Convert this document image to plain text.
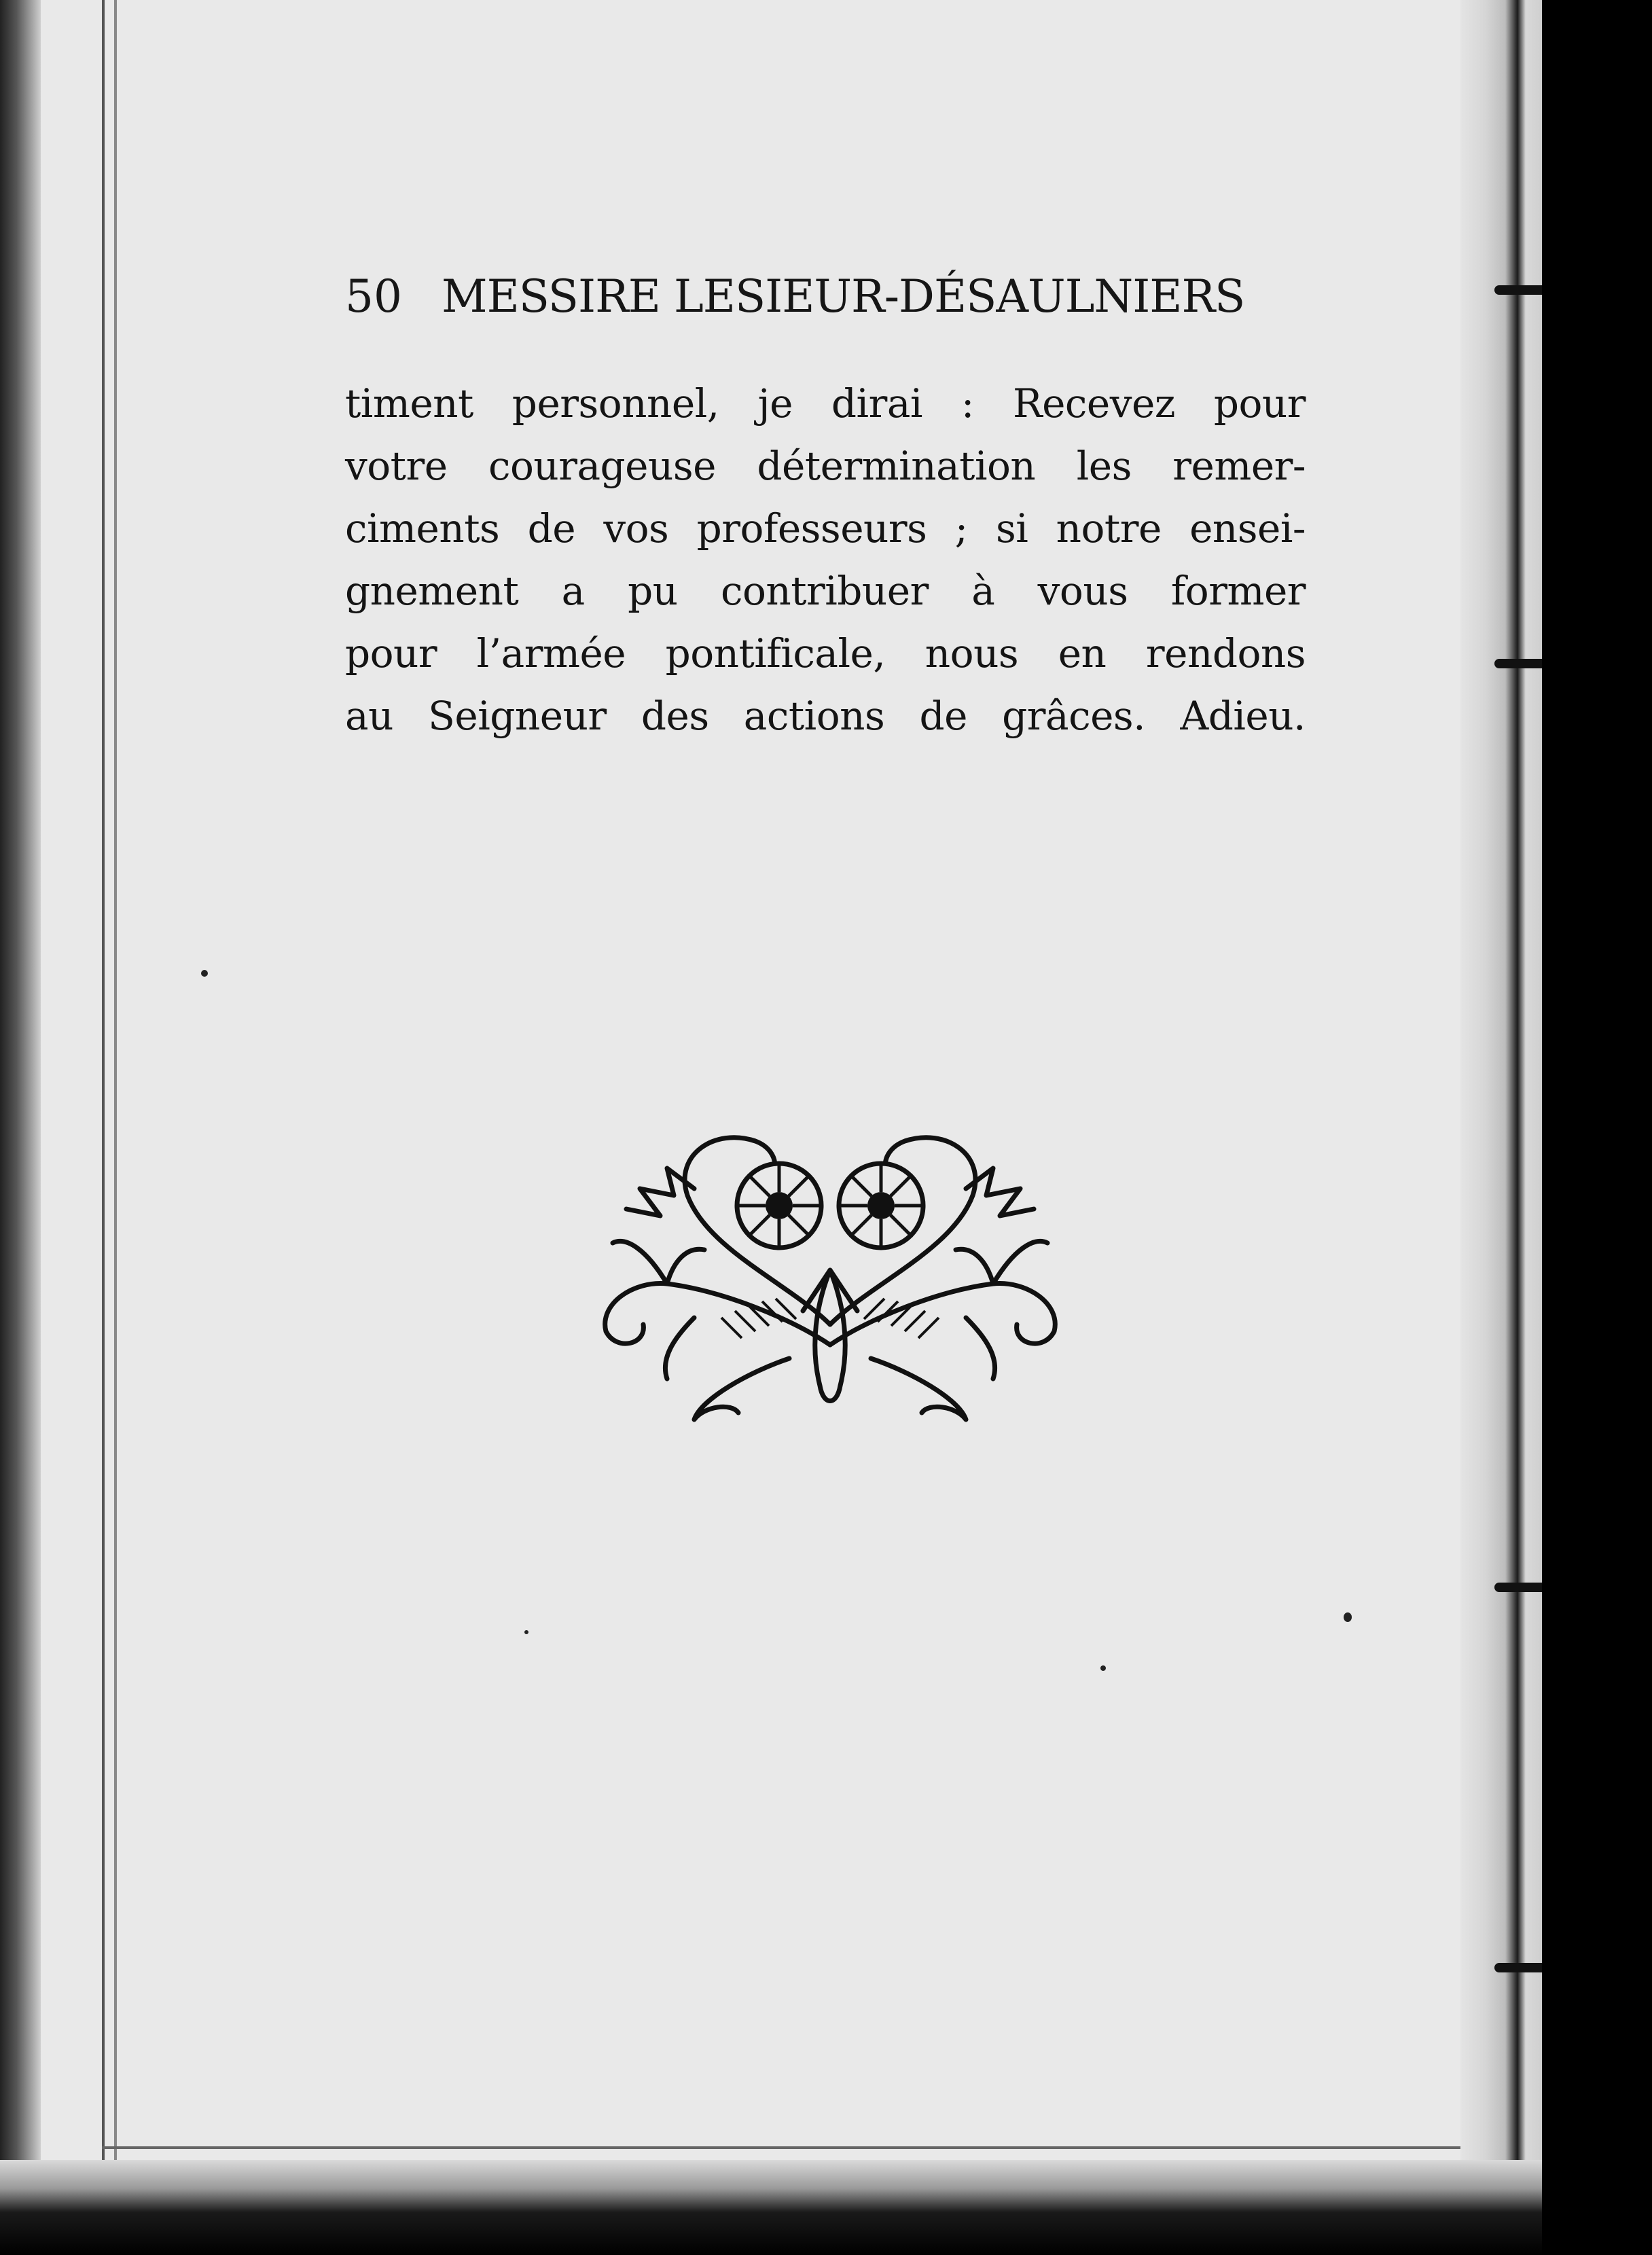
50 MESSIRE LESIEUR-DÉSAULNIERS
timent personnel, je dirai : Recevez pour
votre courageuse détermination les remer-
ciments de vos professeurs ; si notre ensei-
gnement a pu contribuer à vous former
pour l’armée pontificale, nous en rendons
au Seigneur des actions de grâces. Adieu.
